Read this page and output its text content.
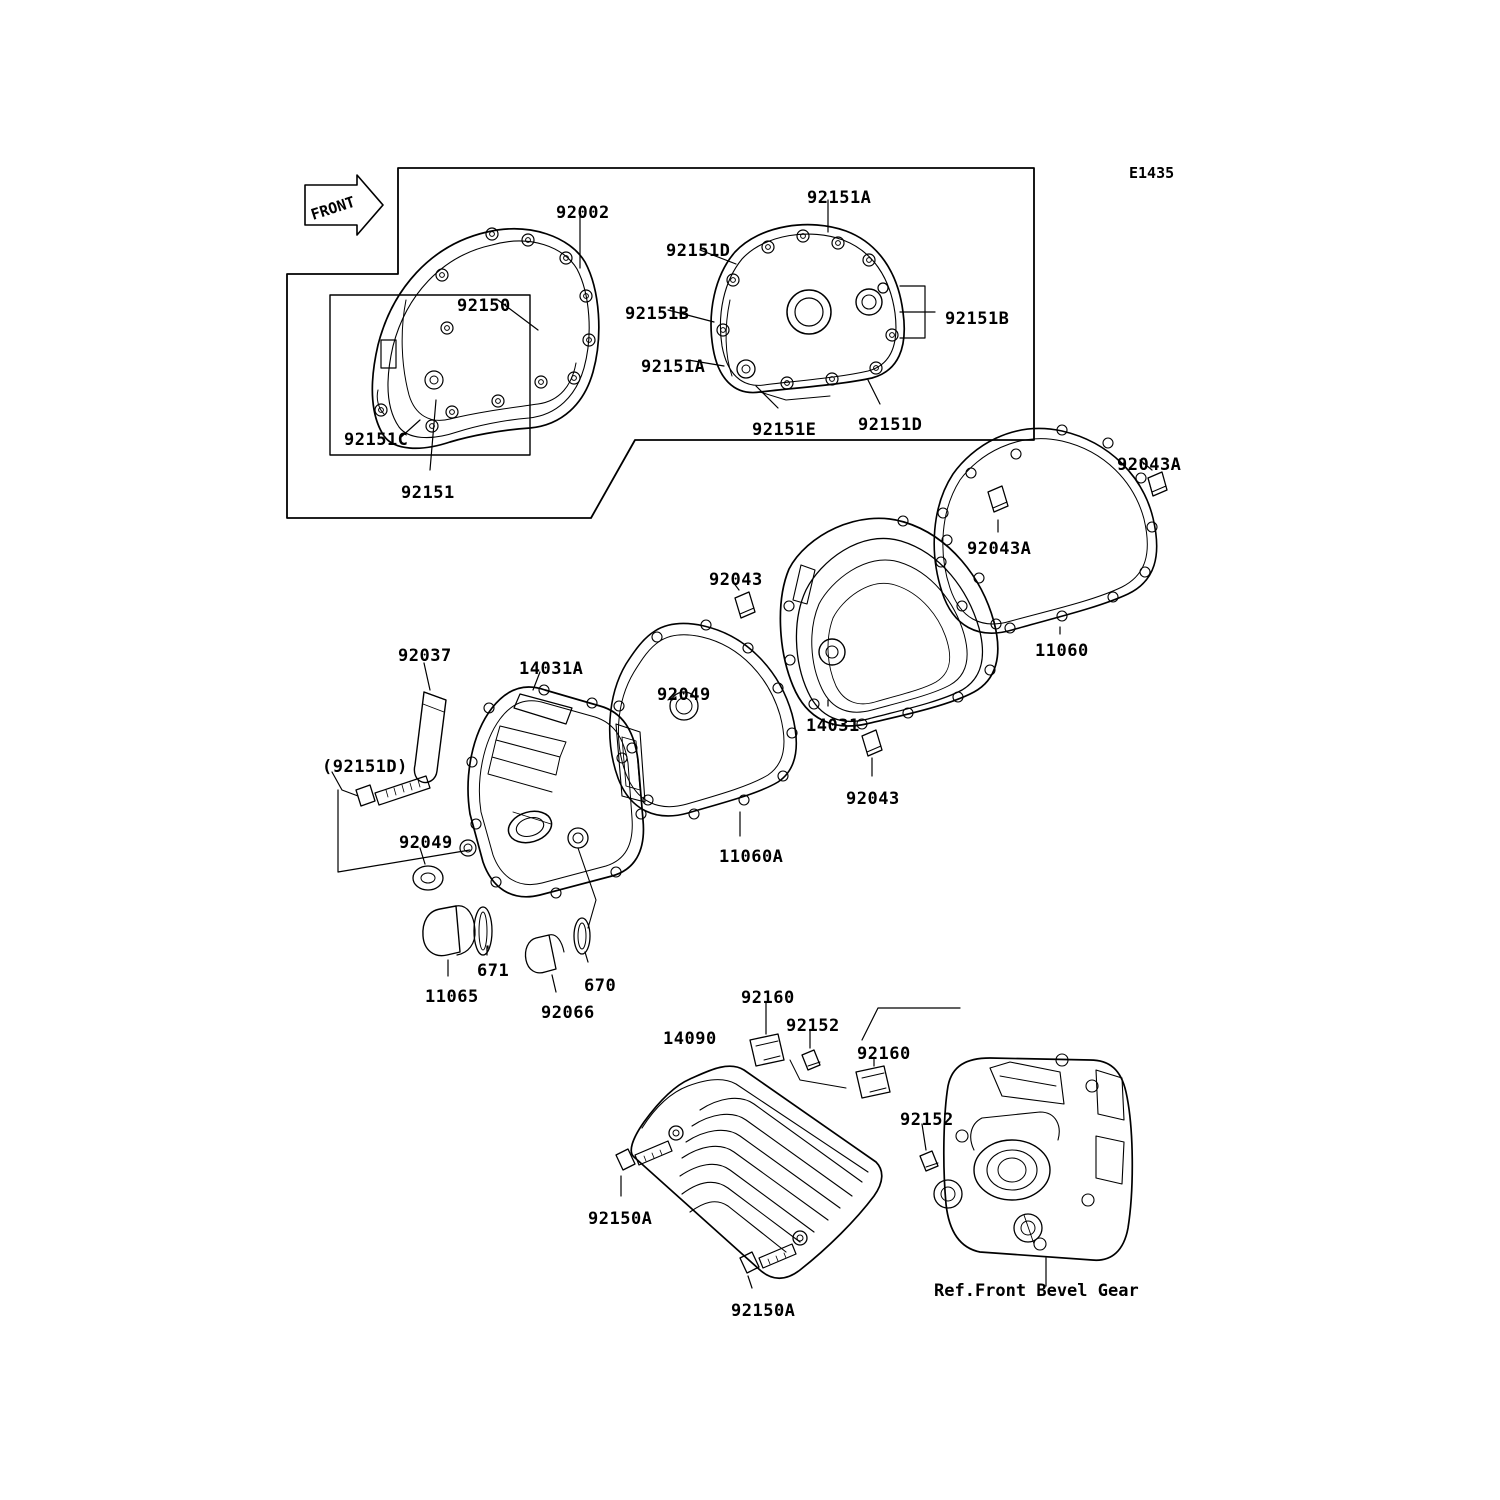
FRONT
E1435
92002
92151A
92151D
92150	92151B	92151B
92151A
92151C	92151E 92151D
92151
92043A
92043A
92043
11060
92037
14031A
92049
14031
(92151D)
92043
92049
11060A
671
670
11065
92066
92160
92152
14090
92160
92152
92150A
92150A
Ref.Front Bevel Gear
